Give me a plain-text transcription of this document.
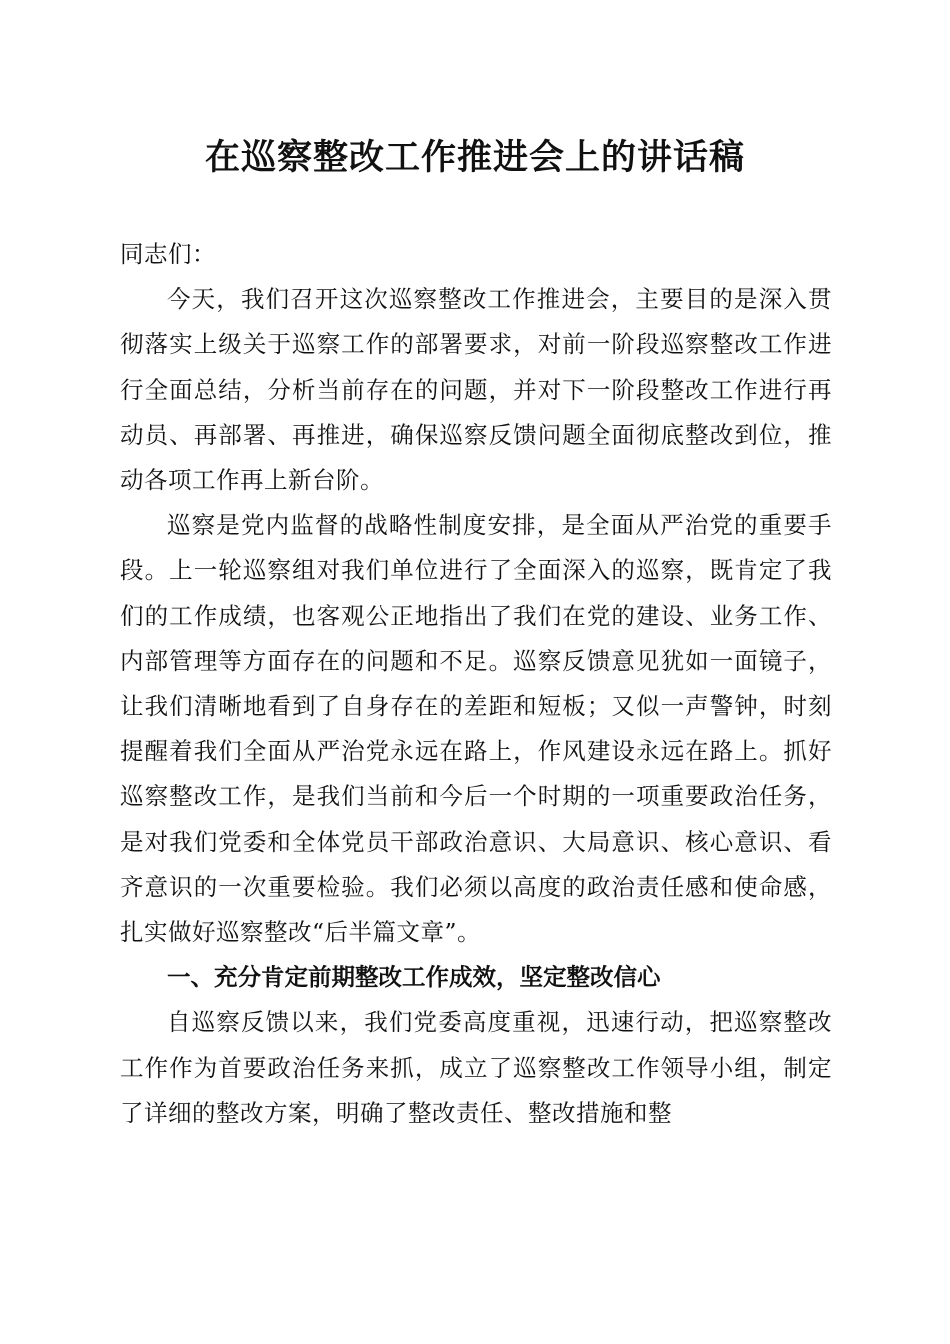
在巡察整改工作推进会上的讲话稿

同志们：

今天，我们召开这次巡察整改工作推进会，主要目的是深入贯彻落实上级关于巡察工作的部署要求，对前一阶段巡察整改工作进行全面总结，分析当前存在的问题，并对下一阶段整改工作进行再动员、再部署、再推进，确保巡察反馈问题全面彻底整改到位，推动各项工作再上新台阶。

巡察是党内监督的战略性制度安排，是全面从严治党的重要手段。上一轮巡察组对我们单位进行了全面深入的巡察，既肯定了我们的工作成绩，也客观公正地指出了我们在党的建设、业务工作、内部管理等方面存在的问题和不足。巡察反馈意见犹如一面镜子，让我们清晰地看到了自身存在的差距和短板；又似一声警钟，时刻提醒着我们全面从严治党永远在路上，作风建设永远在路上。抓好巡察整改工作，是我们当前和今后一个时期的一项重要政治任务，是对我们党委和全体党员干部政治意识、大局意识、核心意识、看齐意识的一次重要检验。我们必须以高度的政治责任感和使命感，扎实做好巡察整改“后半篇文章”。

一、充分肯定前期整改工作成效，坚定整改信心

自巡察反馈以来，我们党委高度重视，迅速行动，把巡察整改工作作为首要政治任务来抓，成立了巡察整改工作领导小组，制定了详细的整改方案，明确了整改责任、整改措施和整
